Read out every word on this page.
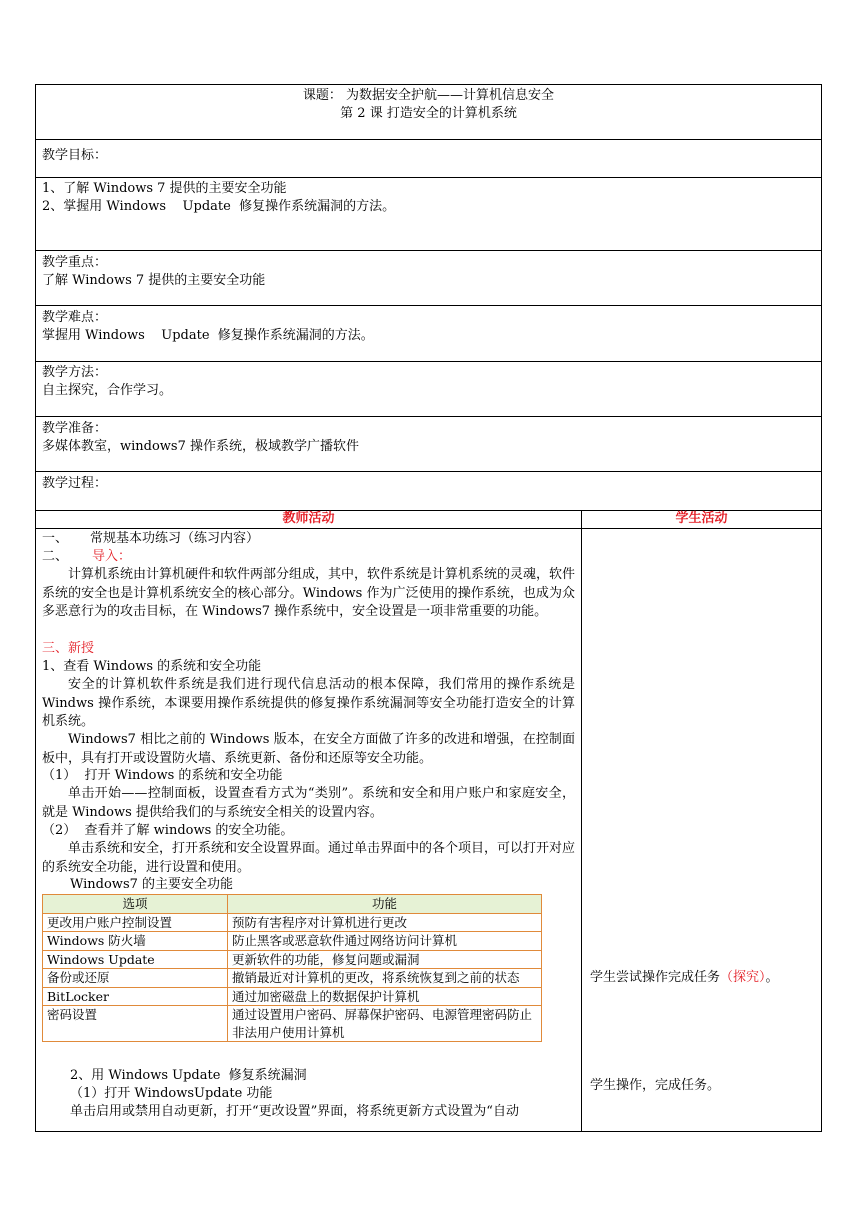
课题： 为数据安全护航——计算机信息安全
第 2 课 打造安全的计算机系统
教学目标：
1、了解 Windows 7 提供的主要安全功能
2、掌握用 Windows    Update  修复操作系统漏洞的方法。
教学重点：
了解 Windows 7 提供的主要安全功能
教学难点：
掌握用 Windows    Update  修复操作系统漏洞的方法。
教学方法：
自主探究，合作学习。
教学准备：
多媒体教室，windows7 操作系统，极域教学广播软件
教学过程：
教师活动	学生活动
一、 常规基本功练习（练习内容）
二、 导入：
计算机系统由计算机硬件和软件两部分组成，其中，软件系统是计算机系统的灵魂，软件系统的安全也是计算机系统安全的核心部分。Windows 作为广泛使用的操作系统，也成为众多恶意行为的攻击目标，在 Windows7 操作系统中，安全设置是一项非常重要的功能。
三、新授
1、查看 Windows 的系统和安全功能
安全的计算机软件系统是我们进行现代信息活动的根本保障，我们常用的操作系统是 Windws 操作系统，本课要用操作系统提供的修复操作系统漏洞等安全功能打造安全的计算机系统。
Windows7 相比之前的 Windows 版本，在安全方面做了许多的改进和增强，在控制面板中，具有打开或设置防火墙、系统更新、备份和还原等安全功能。
（1）  打开 Windows 的系统和安全功能
单击开始——控制面板，设置查看方式为“类别”。系统和安全和用户账户和家庭安全，就是 Windows 提供给我们的与系统安全相关的设置内容。
（2）  查看并了解 windows 的安全功能。
单击系统和安全，打开系统和安全设置界面。通过单击界面中的各个项目，可以打开对应的系统安全功能，进行设置和使用。
Windows7 的主要安全功能
选项	功能
更改用户账户控制设置	预防有害程序对计算机进行更改
Windows 防火墙	防止黑客或恶意软件通过网络访问计算机
Windows Update	更新软件的功能，修复问题或漏洞
备份或还原	撤销最近对计算机的更改，将系统恢复到之前的状态
BitLocker	通过加密磁盘上的数据保护计算机
密码设置	通过设置用户密码、屏幕保护密码、电源管理密码防止非法用户使用计算机
2、用 Windows Update  修复系统漏洞
（1）打开 WindowsUpdate 功能
单击启用或禁用自动更新，打开“更改设置”界面，将系统更新方式设置为“自动
学生尝试操作完成任务（探究）。
学生操作，完成任务。
